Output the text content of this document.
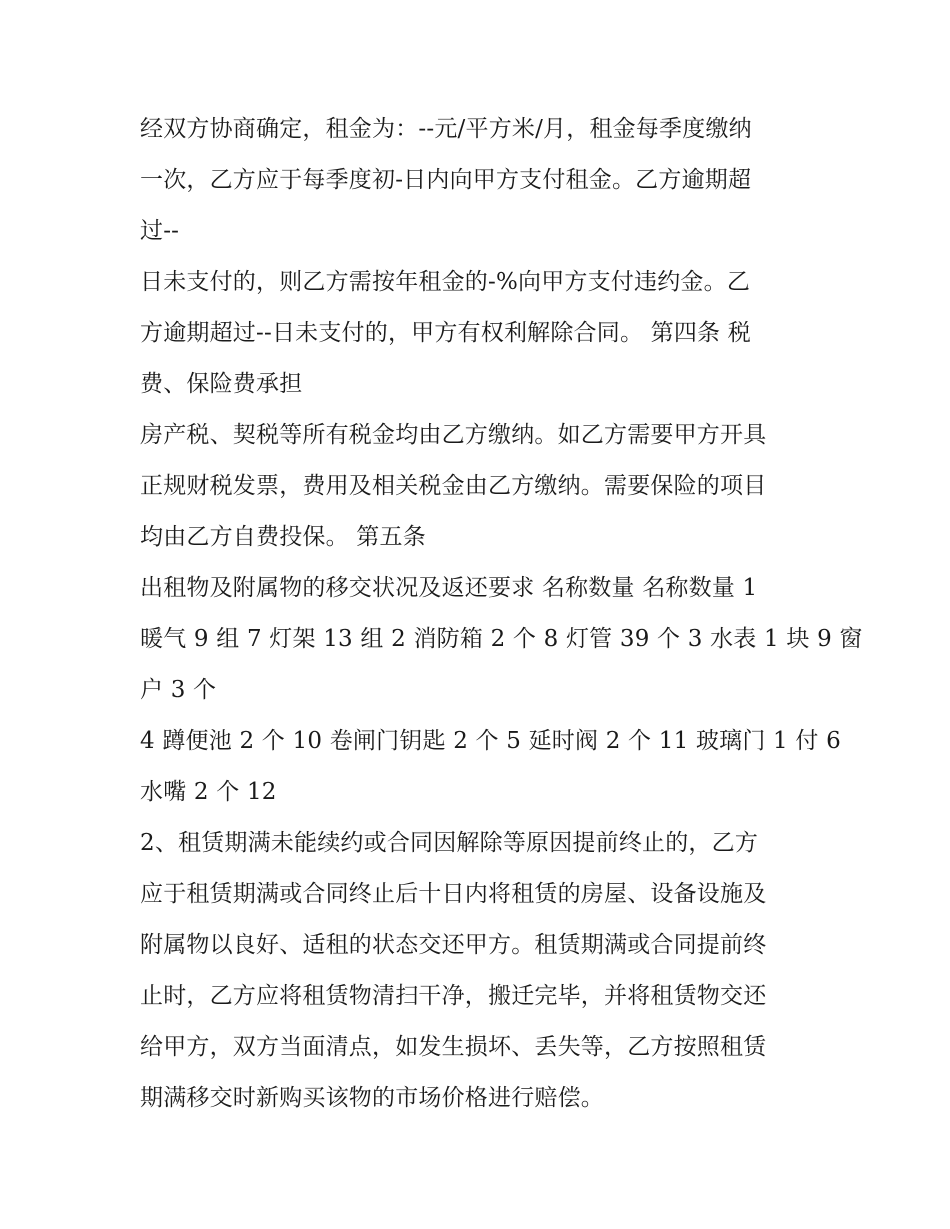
经双方协商确定，租金为：--元/平方米/月，租金每季度缴纳
一次，乙方应于每季度初-日内向甲方支付租金。乙方逾期超
过--
日未支付的，则乙方需按年租金的-%向甲方支付违约金。乙
方逾期超过--日未支付的，甲方有权利解除合同。 第四条 税
费、保险费承担
房产税、契税等所有税金均由乙方缴纳。如乙方需要甲方开具
正规财税发票，费用及相关税金由乙方缴纳。需要保险的项目
均由乙方自费投保。 第五条
出租物及附属物的移交状况及返还要求 名称数量 名称数量 1
暖气 9 组 7 灯架 13 组 2 消防箱 2 个 8 灯管 39 个 3 水表 1 块 9 窗
户 3 个
4 蹲便池 2 个 10 卷闸门钥匙 2 个 5 延时阀 2 个 11 玻璃门 1 付 6
水嘴 2 个 12
2、租赁期满未能续约或合同因解除等原因提前终止的，乙方
应于租赁期满或合同终止后十日内将租赁的房屋、设备设施及
附属物以良好、适租的状态交还甲方。租赁期满或合同提前终
止时，乙方应将租赁物清扫干净，搬迁完毕，并将租赁物交还
给甲方，双方当面清点，如发生损坏、丢失等，乙方按照租赁
期满移交时新购买该物的市场价格进行赔偿。
